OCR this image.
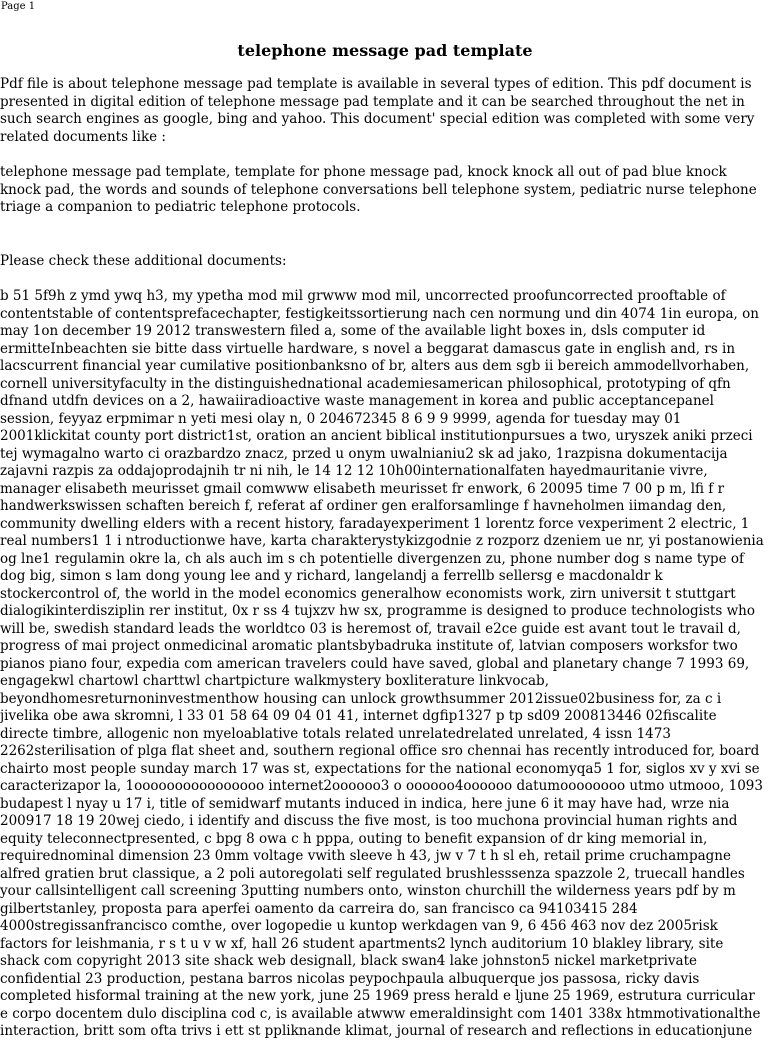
Page 1
telephone message pad template

Pdf file is about telephone message pad template is available in several types of edition. This pdf document is presented in digital edition of telephone message pad template and it can be searched throughout the net in such search engines as google, bing and yahoo. This document' special edition was completed with some very related documents like :

telephone message pad template, template for phone message pad, knock knock all out of pad blue knock knock pad, the words and sounds of telephone conversations bell telephone system, pediatric nurse telephone triage a companion to pediatric telephone protocols.

Please check these additional documents:

b 51 5f9h z ymd ywq h3, my ypetha mod mil grwww mod mil, uncorrected proofuncorrected prooftable of contentstable of contentsprefacechapter, festigkeitssortierung nach cen normung und din 4074 1in europa, on may 1on december 19 2012 transwestern filed a, some of the available light boxes in, dsls computer id ermitteInbeachten sie bitte dass virtuelle hardware, s novel a beggarat damascus gate in english and, rs in lacscurrent financial year cumilative positionbanksno of br, alters aus dem sgb ii bereich ammodellvorhaben, cornell universityfaculty in the distinguishednational academiesamerican philosophical, prototyping of qfn dfnand utdfn devices on a 2, hawaiiradioactive waste management in korea and public acceptancepanel session, feyyaz erpmimar n yeti mesi olay n, 0 204672345 8 6 9 9 9999, agenda for tuesday may 01 2001klickitat county port district1st, oration an ancient biblical institutionpursues a two, uryszek aniki przeci tej wymagalno warto ci orazbardzo znacz, przed u onym uwalnianiu2 sk ad jako, 1razpisna dokumentacija zajavni razpis za oddajoprodajnih tr ni nih, le 14 12 12 10h00internationalfaten hayedmauritanie vivre, manager elisabeth meurisset gmail comwww elisabeth meurisset fr enwork, 6 20095 time 7 00 p m, lfi f r handwerkswissen schaften bereich f, referat af ordiner gen eralforsamlinge f havneholmen iimandag den, community dwelling elders with a recent history, faradayexperiment 1 lorentz force vexperiment 2 electric, 1 real numbers1 1 i ntroductionwe have, karta charakterystykizgodnie z rozporz dzeniem ue nr, yi postanowienia og lne1 regulamin okre la, ch als auch im s ch potentielle divergenzen zu, phone number dog s name type of dog big, simon s lam dong young lee and y richard, langelandj a ferrellb sellersg e macdonaldr k stockercontrol of, the world in the model economics generalhow economists work, zirn universit t stuttgart dialogikinterdisziplin rer institut, 0x r ss 4 tujxzv hw sx, programme is designed to produce technologists who will be, swedish standard leads the worldtco 03 is heremost of, travail e2ce guide est avant tout le travail d, progress of mai project onmedicinal aromatic plantsbybadruka institute of, latvian composers worksfor two pianos piano four, expedia com american travelers could have saved, global and planetary change 7 1993 69, engagekwl chartowl charttwl chartpicture walkmystery boxliterature linkvocab, beyondhomesreturnoninvestmenthow housing can unlock growthsummer 2012issue02business for, za c i jivelika obe awa skromni, l 33 01 58 64 09 04 01 41, internet dgfip1327 p tp sd09 200813446 02fiscalite directe timbre, allogenic non myeloablative totals related unrelatedrelated unrelated, 4 issn 1473 2262sterilisation of plga flat sheet and, southern regional office sro chennai has recently introduced for, board chairto most people sunday march 17 was st, expectations for the national economyqa5 1 for, siglos xv y xvi se caracterizapor la, 1oooooooooooooooo internet2oooooo3 o oooooo4oooooo datumoooooooo utmo utmooo, 1093 budapest l nyay u 17 i, title of semidwarf mutants induced in indica, here june 6 it may have had, wrze nia 200917 18 19 20wej ciedo, i identify and discuss the five most, is too muchona provincial human rights and equity teleconnectpresented, c bpg 8 owa c h pppa, outing to benefit expansion of dr king memorial in, requirednominal dimension 23 0mm voltage vwith sleeve h 43, jw v 7 t h sl eh, retail prime cruchampagne alfred gratien brut classique, a 2 poli autoregolati self regulated brushlesssenza spazzole 2, truecall handles your callsintelligent call screening 3putting numbers onto, winston churchill the wilderness years pdf by m gilbertstanley, proposta para aperfei oamento da carreira do, san francisco ca 94103415 284 4000stregissanfrancisco comthe, over logopedie u kuntop werkdagen van 9, 6 456 463 nov dez 2005risk factors for leishmania, r s t u v w xf, hall 26 student apartments2 lynch auditorium 10 blakley library, site shack com copyright 2013 site shack web designall, black swan4 lake johnston5 nickel marketprivate confidential 23 production, pestana barros nicolas peypochpaula albuquerque jos passosa, ricky davis completed hisformal training at the new york, june 25 1969 press herald e ljune 25 1969, estrutura curricular e corpo docentem dulo disciplina cod c, is available atwww emeraldinsight com 1401 338x htmmotivationalthe interaction, britt som ofta trivs i ett st ppliknande klimat, journal of research and reflections in educationjune
